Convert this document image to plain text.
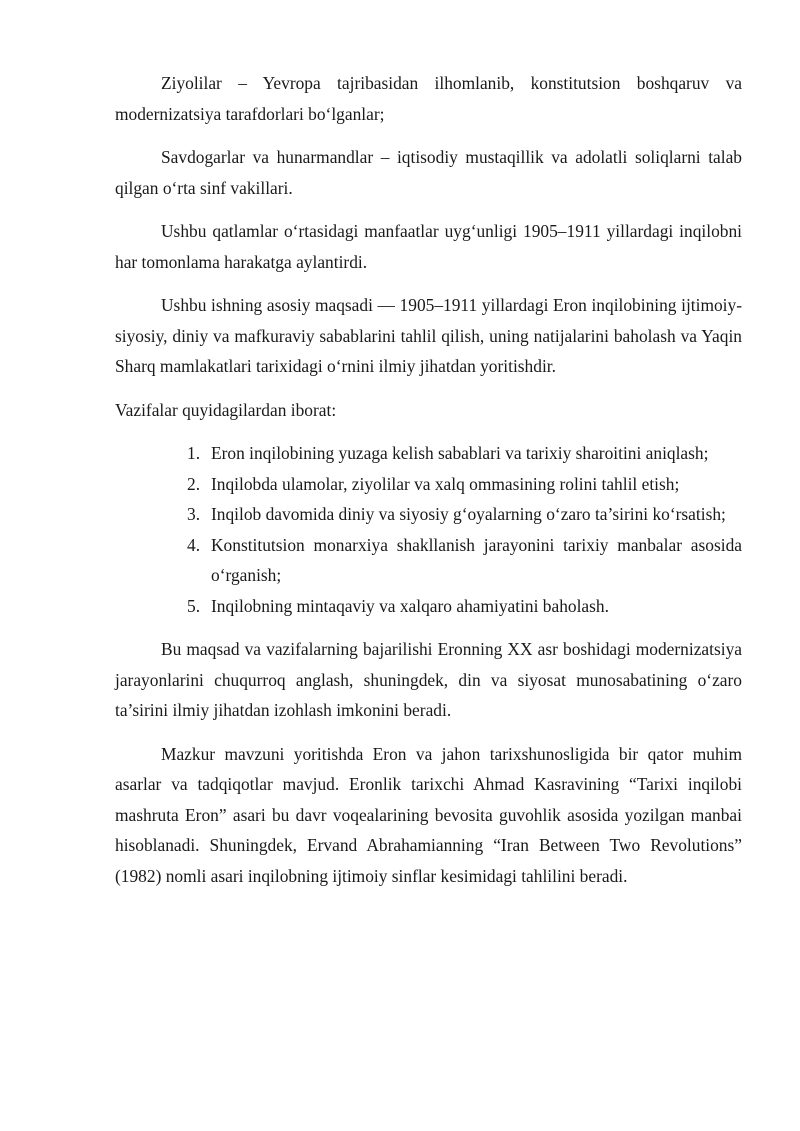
Ziyolilar – Yevropa tajribasidan ilhomlanib, konstitutsion boshqaruv va modernizatsiya tarafdorlari bo‘lganlar;

Savdogarlar va hunarmandlar – iqtisodiy mustaqillik va adolatli soliqlarni talab qilgan o‘rta sinf vakillari.

Ushbu qatlamlar o‘rtasidagi manfaatlar uyg‘unligi 1905–1911 yillardagi inqilobni har tomonlama harakatga aylantirdi.

Ushbu ishning asosiy maqsadi — 1905–1911 yillardagi Eron inqilobining ijtimoiy-siyosiy, diniy va mafkuraviy sabablarini tahlil qilish, uning natijalarini baholash va Yaqin Sharq mamlakatlari tarixidagi o‘rnini ilmiy jihatdan yoritishdir.

Vazifalar quyidagilardan iborat:

1. Eron inqilobining yuzaga kelish sabablari va tarixiy sharoitini aniqlash;
2. Inqilobda ulamolar, ziyolilar va xalq ommasining rolini tahlil etish;
3. Inqilob davomida diniy va siyosiy g‘oyalarning o‘zaro ta’sirini ko‘rsatish;
4. Konstitutsion monarxiya shakllanish jarayonini tarixiy manbalar asosida o‘rganish;
5. Inqilobning mintaqaviy va xalqaro ahamiyatini baholash.

Bu maqsad va vazifalarning bajarilishi Eronning XX asr boshidagi modernizatsiya jarayonlarini chuqurroq anglash, shuningdek, din va siyosat munosabatining o‘zaro ta’sirini ilmiy jihatdan izohlash imkonini beradi.

Mazkur mavzuni yoritishda Eron va jahon tarixshunosligida bir qator muhim asarlar va tadqiqotlar mavjud. Eronlik tarixchi Ahmad Kasravining “Tarixi inqilobi mashruta Eron” asari bu davr voqealarining bevosita guvohlik asosida yozilgan manbai hisoblanadi. Shuningdek, Ervand Abrahamianning “Iran Between Two Revolutions” (1982) nomli asari inqilobning ijtimoiy sinflar kesimidagi tahlilini beradi.
